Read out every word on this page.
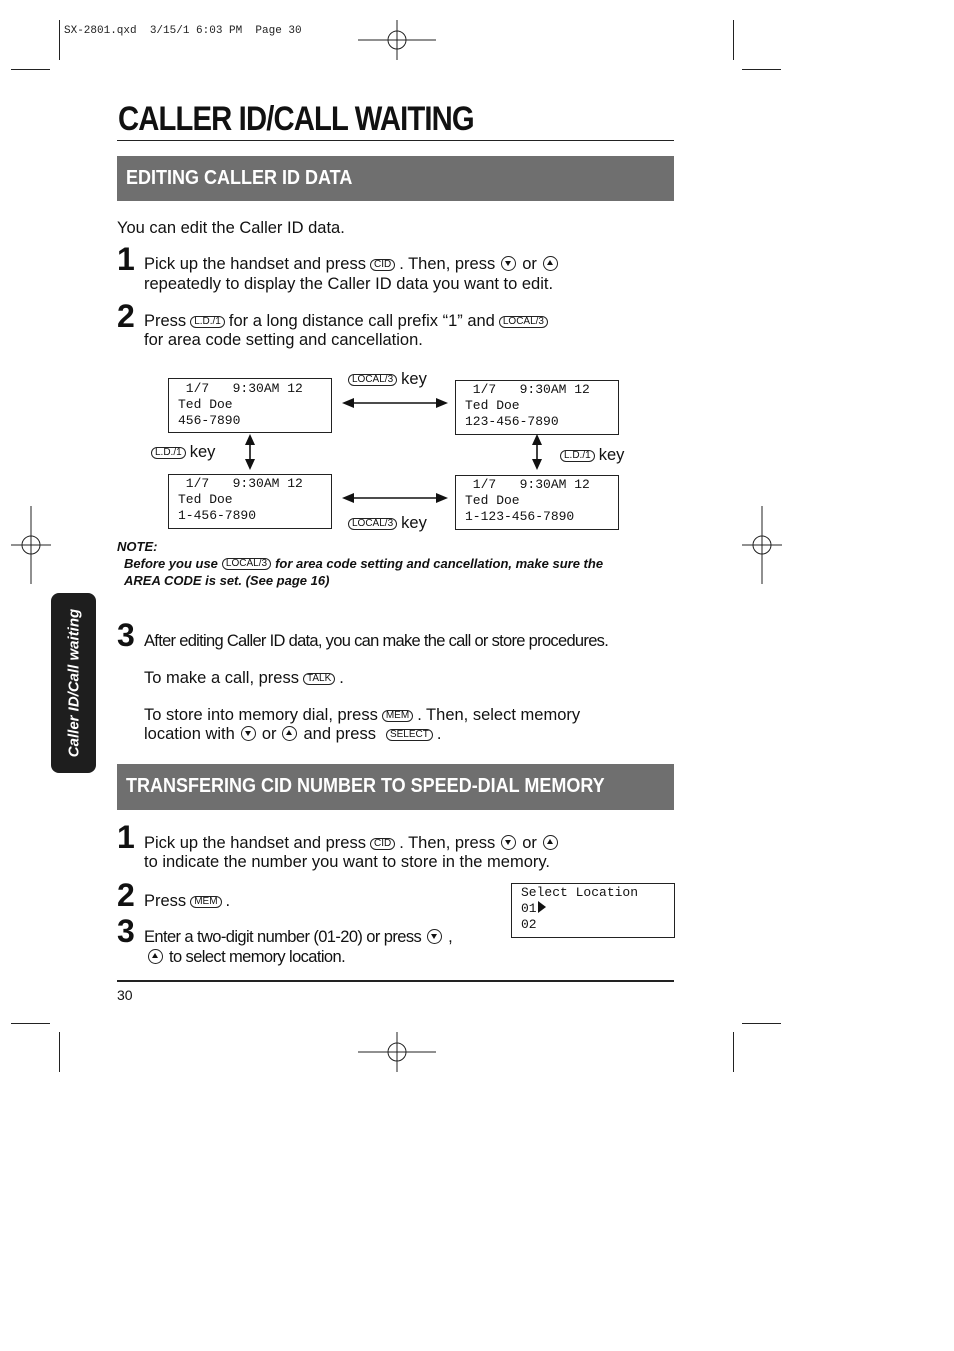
SX-2801.qxd  3/15/1 6:03 PM  Page 30
CALLER ID/CALL WAITING
Caller ID/Call waiting
EDITING CALLER ID DATA
You can edit the Caller ID data.
1 Pick up the handset and press CID . Then, press or
repeatedly to display the Caller ID data you want to edit.
2 Press L.D./1 for a long distance call prefix “1” and LOCAL/3
for area code setting and cancellation.
1/7   9:30AM 12
Ted Doe
456-7890
1/7   9:30AM 12
Ted Doe
123-456-7890
1/7   9:30AM 12
Ted Doe
1-456-7890
1/7   9:30AM 12
Ted Doe
1-123-456-7890
LOCAL/3 key
LOCAL/3 key
L.D./1 key	L.D./1 key
NOTE:
Before you use LOCAL/3 for area code setting and cancellation, make sure the
AREA CODE is set. (See page 16)
3 After editing Caller ID data, you can make the call or store procedures.
To make a call, press TALK .
To store into memory dial, press MEM . Then, select memory
location with or and press SELECT .
TRANSFERING CID NUMBER TO SPEED-DIAL MEMORY
1 Pick up the handset and press CID . Then, press or
to indicate the number you want to store in the memory.
2 Press MEM .
3 Enter a two-digit number (01-20) or press ,
to select memory location.
Select Location
01
02
30
